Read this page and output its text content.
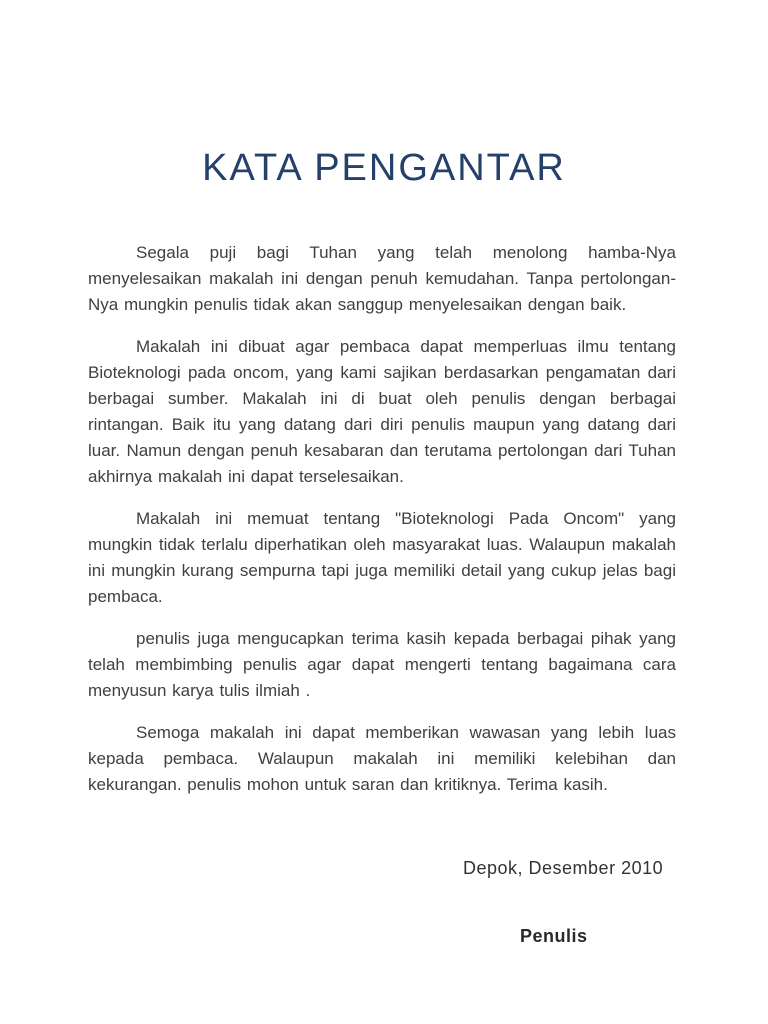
KATA PENGANTAR

Segala puji bagi Tuhan yang telah menolong hamba-Nya menyelesaikan makalah ini dengan penuh kemudahan. Tanpa pertolongan-Nya mungkin penulis tidak akan sanggup menyelesaikan dengan baik.

Makalah ini dibuat agar pembaca dapat memperluas ilmu tentang Bioteknologi pada oncom, yang kami sajikan berdasarkan pengamatan dari berbagai sumber. Makalah ini di buat oleh penulis dengan berbagai rintangan. Baik itu yang datang dari diri penulis maupun yang datang dari luar. Namun dengan penuh kesabaran dan terutama pertolongan dari Tuhan akhirnya makalah ini dapat terselesaikan.

Makalah ini memuat tentang "Bioteknologi Pada Oncom" yang mungkin tidak terlalu diperhatikan oleh masyarakat luas. Walaupun makalah ini mungkin kurang sempurna tapi juga memiliki detail yang cukup jelas bagi pembaca.

penulis juga mengucapkan terima kasih kepada berbagai pihak yang telah membimbing penulis agar dapat mengerti tentang bagaimana cara menyusun karya tulis ilmiah .

Semoga makalah ini dapat memberikan wawasan yang lebih luas kepada pembaca. Walaupun makalah ini memiliki kelebihan dan kekurangan. penulis mohon untuk saran dan kritiknya. Terima kasih.

Depok, Desember 2010
Penulis
